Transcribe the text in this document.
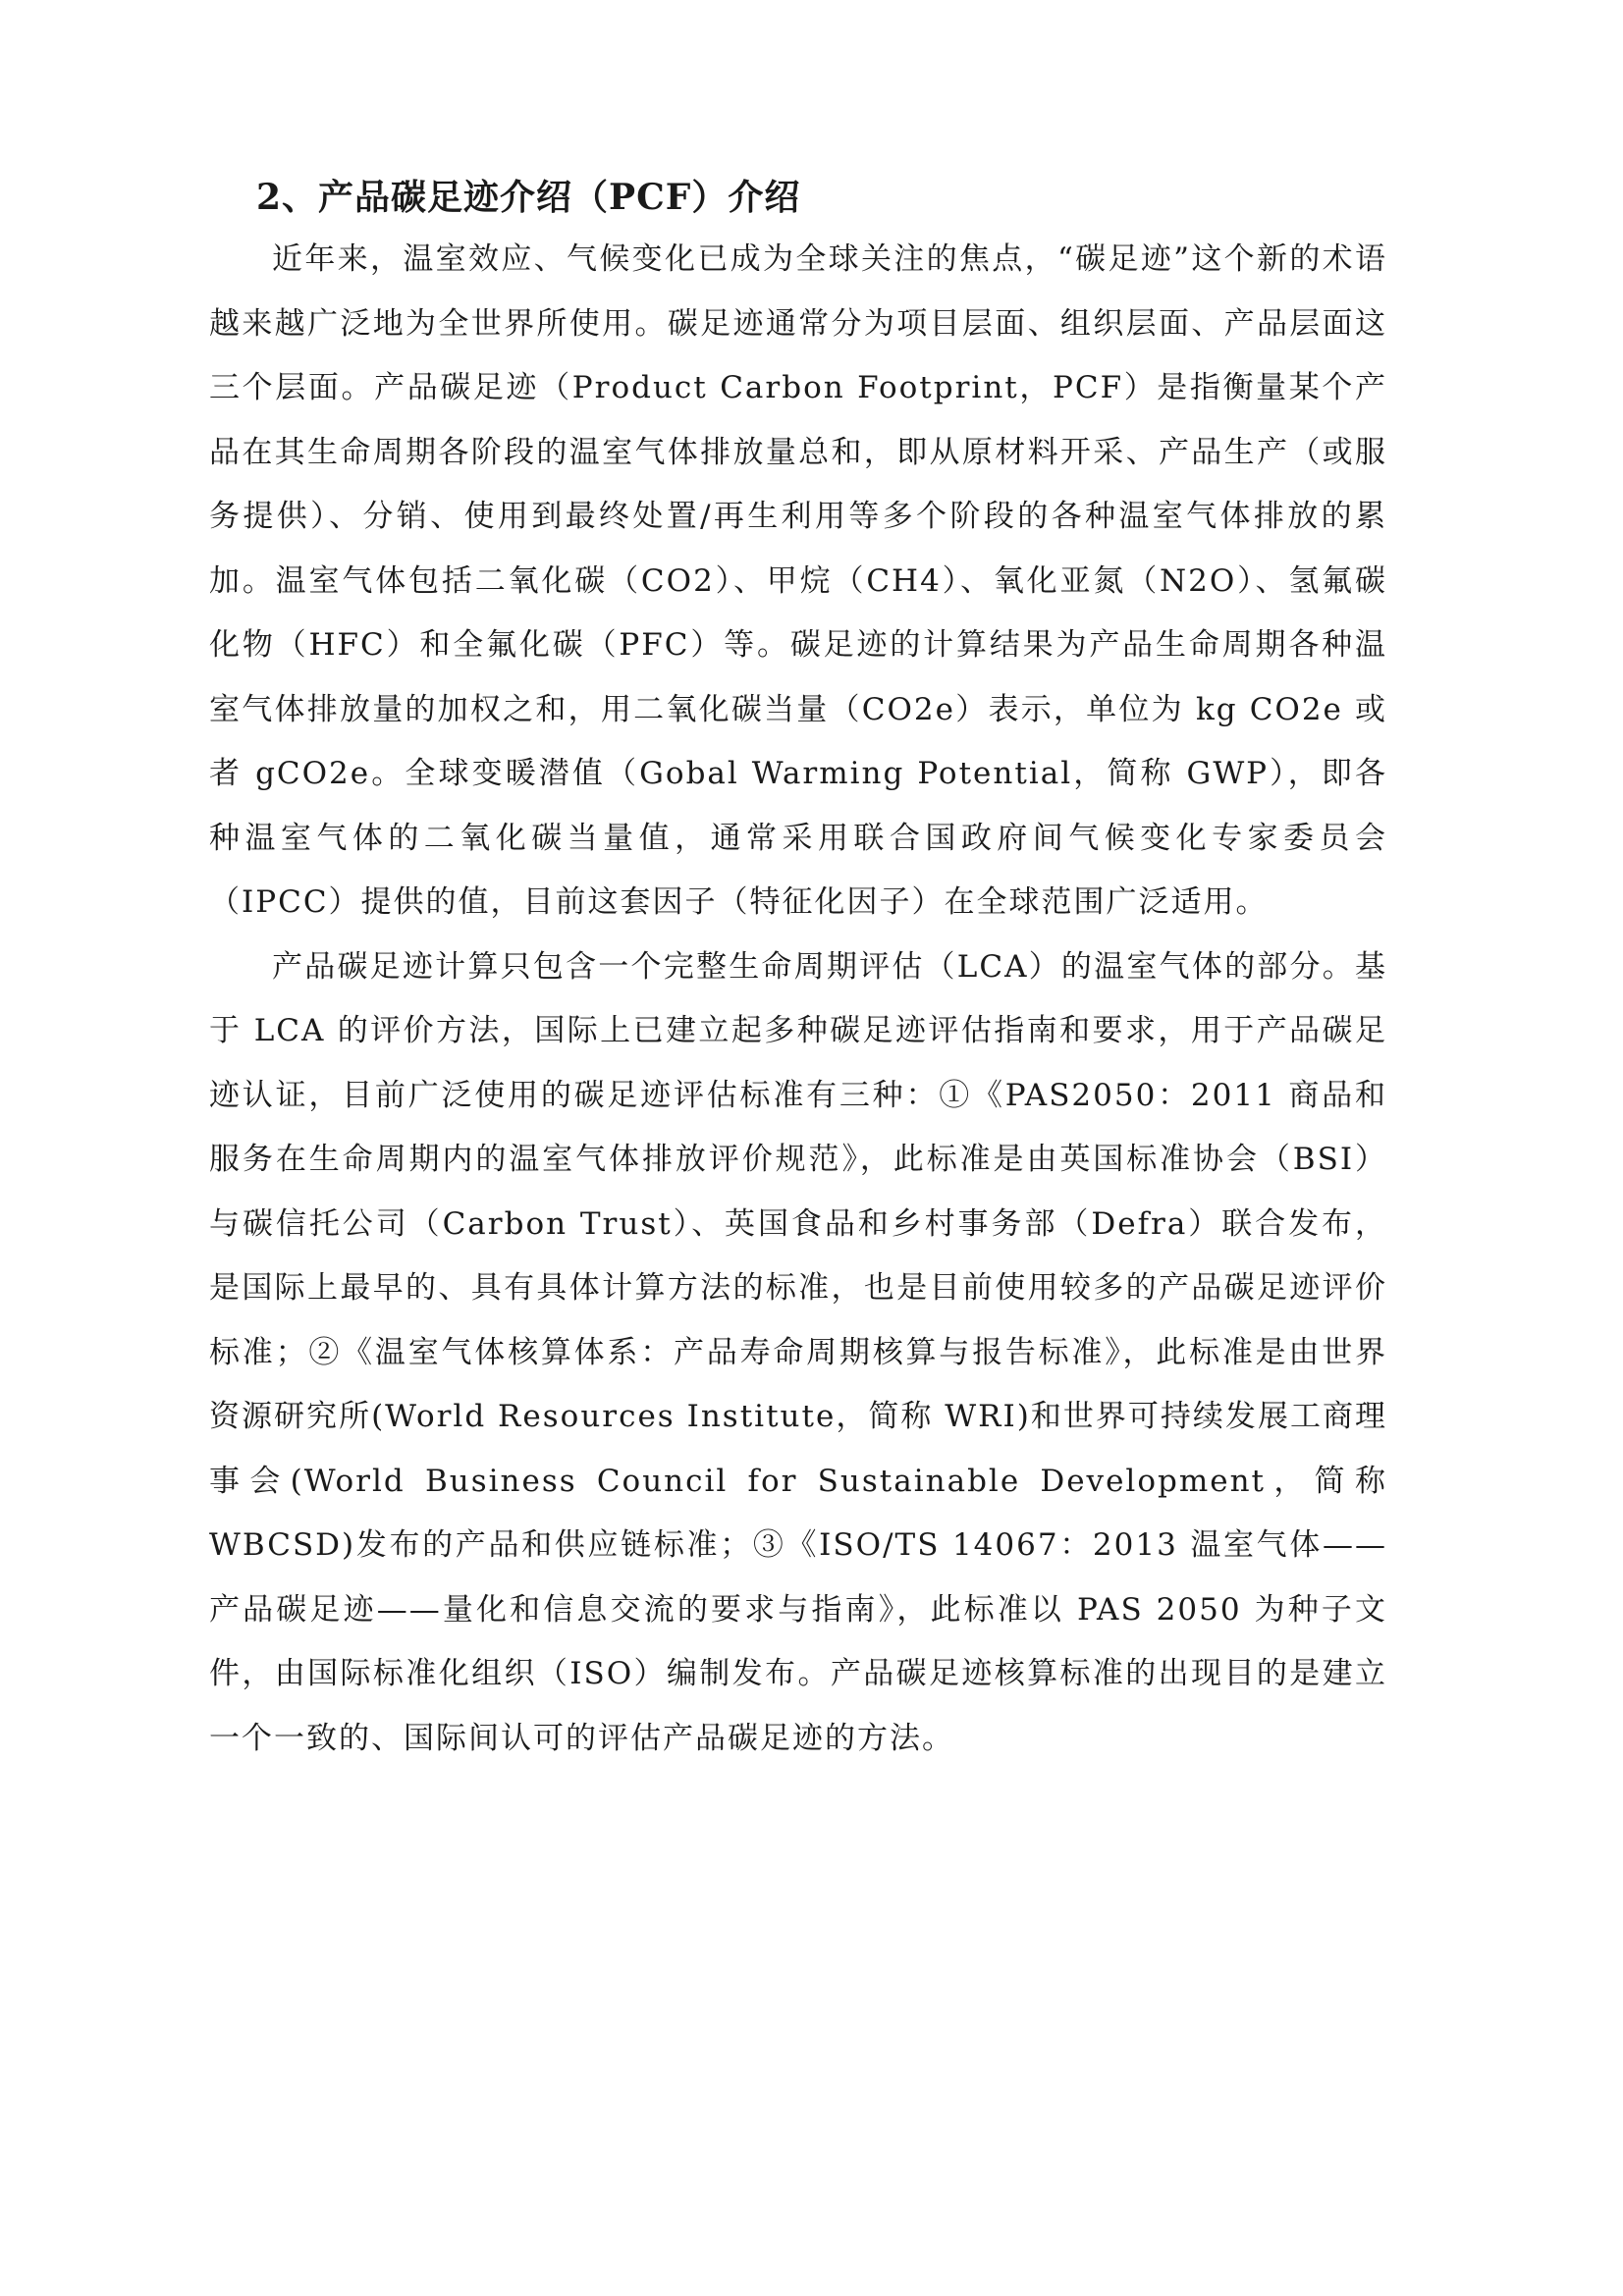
2、产品碳足迹介绍（PCF）介绍

近年来，温室效应、气候变化已成为全球关注的焦点，“碳足迹”这个新的术语越来越广泛地为全世界所使用。碳足迹通常分为项目层面、组织层面、产品层面这三个层面。产品碳足迹（Product Carbon Footprint，PCF）是指衡量某个产品在其生命周期各阶段的温室气体排放量总和，即从原材料开采、产品生产（或服务提供）、分销、使用到最终处置/再生利用等多个阶段的各种温室气体排放的累加。温室气体包括二氧化碳（CO2）、甲烷（CH4）、氧化亚氮（N2O）、氢氟碳化物（HFC）和全氟化碳（PFC）等。碳足迹的计算结果为产品生命周期各种温室气体排放量的加权之和，用二氧化碳当量（CO2e）表示，单位为 kg CO2e 或者 gCO2e。全球变暖潜值（Gobal Warming Potential，简称 GWP），即各种温室气体的二氧化碳当量值，通常采用联合国政府间气候变化专家委员会（IPCC）提供的值，目前这套因子（特征化因子）在全球范围广泛适用。

产品碳足迹计算只包含一个完整生命周期评估（LCA）的温室气体的部分。基于 LCA 的评价方法，国际上已建立起多种碳足迹评估指南和要求，用于产品碳足迹认证，目前广泛使用的碳足迹评估标准有三种：①《PAS2050：2011 商品和服务在生命周期内的温室气体排放评价规范》，此标准是由英国标准协会（BSI）与碳信托公司（Carbon Trust）、英国食品和乡村事务部（Defra）联合发布，是国际上最早的、具有具体计算方法的标准，也是目前使用较多的产品碳足迹评价标准；②《温室气体核算体系：产品寿命周期核算与报告标准》，此标准是由世界资源研究所(World Resources Institute，简称 WRI)和世界可持续发展工商理事会(World Business Council for Sustainable Development，简称 WBCSD)发布的产品和供应链标准；③《ISO/TS 14067：2013 温室气体——产品碳足迹——量化和信息交流的要求与指南》，此标准以 PAS 2050 为种子文件，由国际标准化组织（ISO）编制发布。产品碳足迹核算标准的出现目的是建立一个一致的、国际间认可的评估产品碳足迹的方法。
